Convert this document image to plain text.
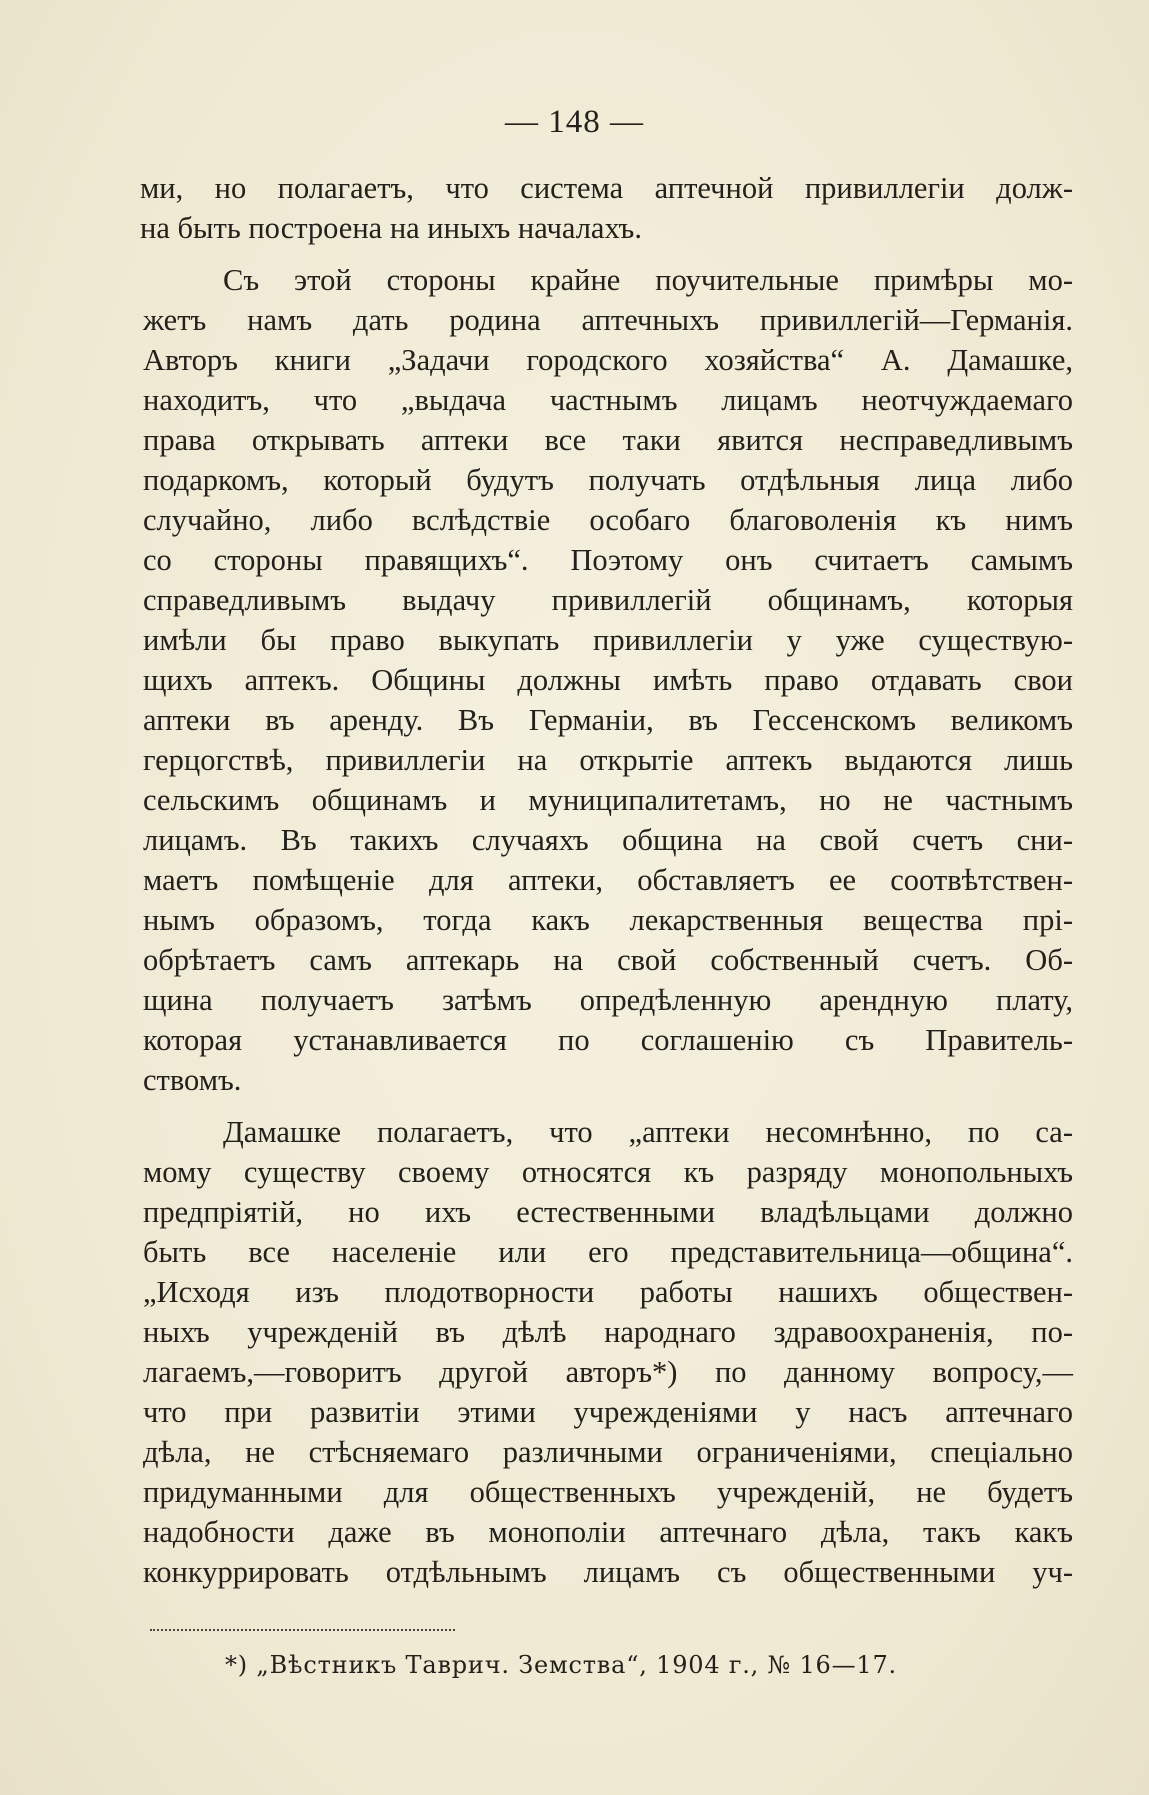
— 148 —

ми, но полагаетъ, что система аптечной привиллегіи долж-
на быть построена на иныхъ началахъ.

Съ этой стороны крайне поучительные примѣры мо-
жетъ намъ дать родина аптечныхъ привиллегій—Германія.
Авторъ книги „Задачи городского хозяйства“ А. Дамашке,
находитъ, что „выдача частнымъ лицамъ неотчуждаемаго
права открывать аптеки все таки явится несправедливымъ
подаркомъ, который будутъ получать отдѣльныя лица либо
случайно, либо вслѣдствіе особаго благоволенія къ нимъ
со стороны правящихъ“. Поэтому онъ считаетъ самымъ
справедливымъ выдачу привиллегій общинамъ, которыя
имѣли бы право выкупать привиллегіи у уже существую-
щихъ аптекъ. Общины должны имѣть право отдавать свои
аптеки въ аренду. Въ Германіи, въ Гессенскомъ великомъ
герцогствѣ, привиллегіи на открытіе аптекъ выдаются лишь
сельскимъ общинамъ и муниципалитетамъ, но не частнымъ
лицамъ. Въ такихъ случаяхъ община на свой счетъ сни-
маетъ помѣщеніе для аптеки, обставляетъ ее соотвѣтствен-
нымъ образомъ, тогда какъ лекарственныя вещества прі-
обрѣтаетъ самъ аптекарь на свой собственный счетъ. Об-
щина получаетъ затѣмъ опредѣленную арендную плату,
которая устанавливается по соглашенію съ Правитель-
ствомъ.

Дамашке полагаетъ, что „аптеки несомнѣнно, по са-
мому существу своему относятся къ разряду монопольныхъ
предпріятій, но ихъ естественными владѣльцами должно
быть все населеніе или его представительница—община“.
„Исходя изъ плодотворности работы нашихъ обществен-
ныхъ учрежденій въ дѣлѣ народнаго здравоохраненія, по-
лагаемъ,—говоритъ другой авторъ*) по данному вопросу,—
что при развитіи этими учрежденіями у насъ аптечнаго
дѣла, не стѣсняемаго различными ограниченіями, спеціально
придуманными для общественныхъ учрежденій, не будетъ
надобности даже въ монополіи аптечнаго дѣла, такъ какъ
конкуррировать отдѣльнымъ лицамъ съ общественными уч-

*) „Вѣстникъ Таврич. Земства“, 1904 г., № 16—17.
